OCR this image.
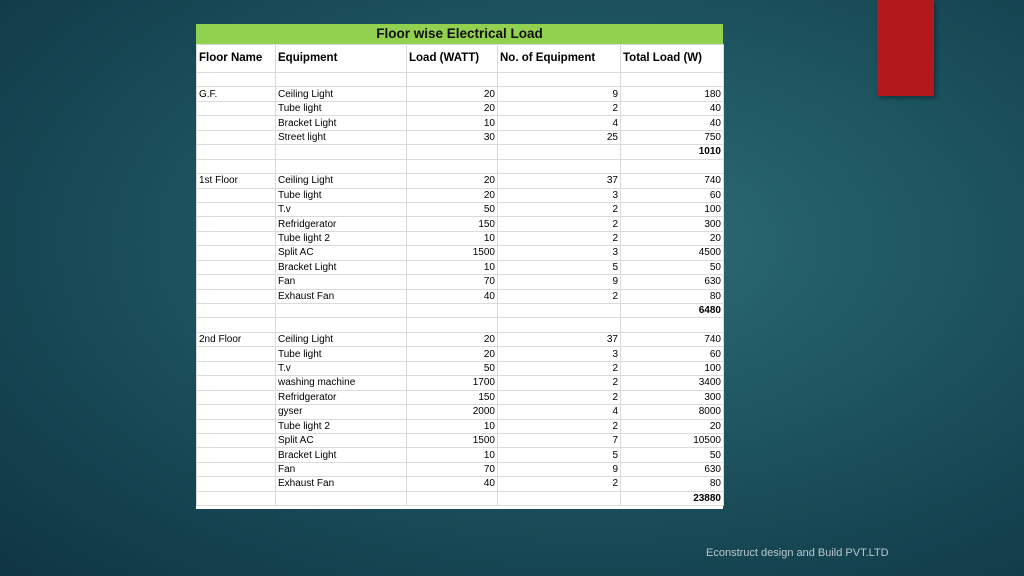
Floor wise Electrical Load
Floor Name	Equipment	Load (WATT)	No. of Equipment	Total Load (W)

G.F.	Ceiling Light	20	9	180
	Tube light	20	2	40
	Bracket Light	10	4	40
	Street light	30	25	750
				1010

1st Floor	Ceiling Light	20	37	740
	Tube light	20	3	60
	T.v	50	2	100
	Refridgerator	150	2	300
	Tube light 2	10	2	20
	Split AC	1500	3	4500
	Bracket Light	10	5	50
	Fan	70	9	630
	Exhaust Fan	40	2	80
				6480

2nd Floor	Ceiling Light	20	37	740
	Tube light	20	3	60
	T.v	50	2	100
	washing machine	1700	2	3400
	Refridgerator	150	2	300
	gyser	2000	4	8000
	Tube light 2	10	2	20
	Split AC	1500	7	10500
	Bracket Light	10	5	50
	Fan	70	9	630
	Exhaust Fan	40	2	80
				23880
Econstruct design and Build PVT.LTD
